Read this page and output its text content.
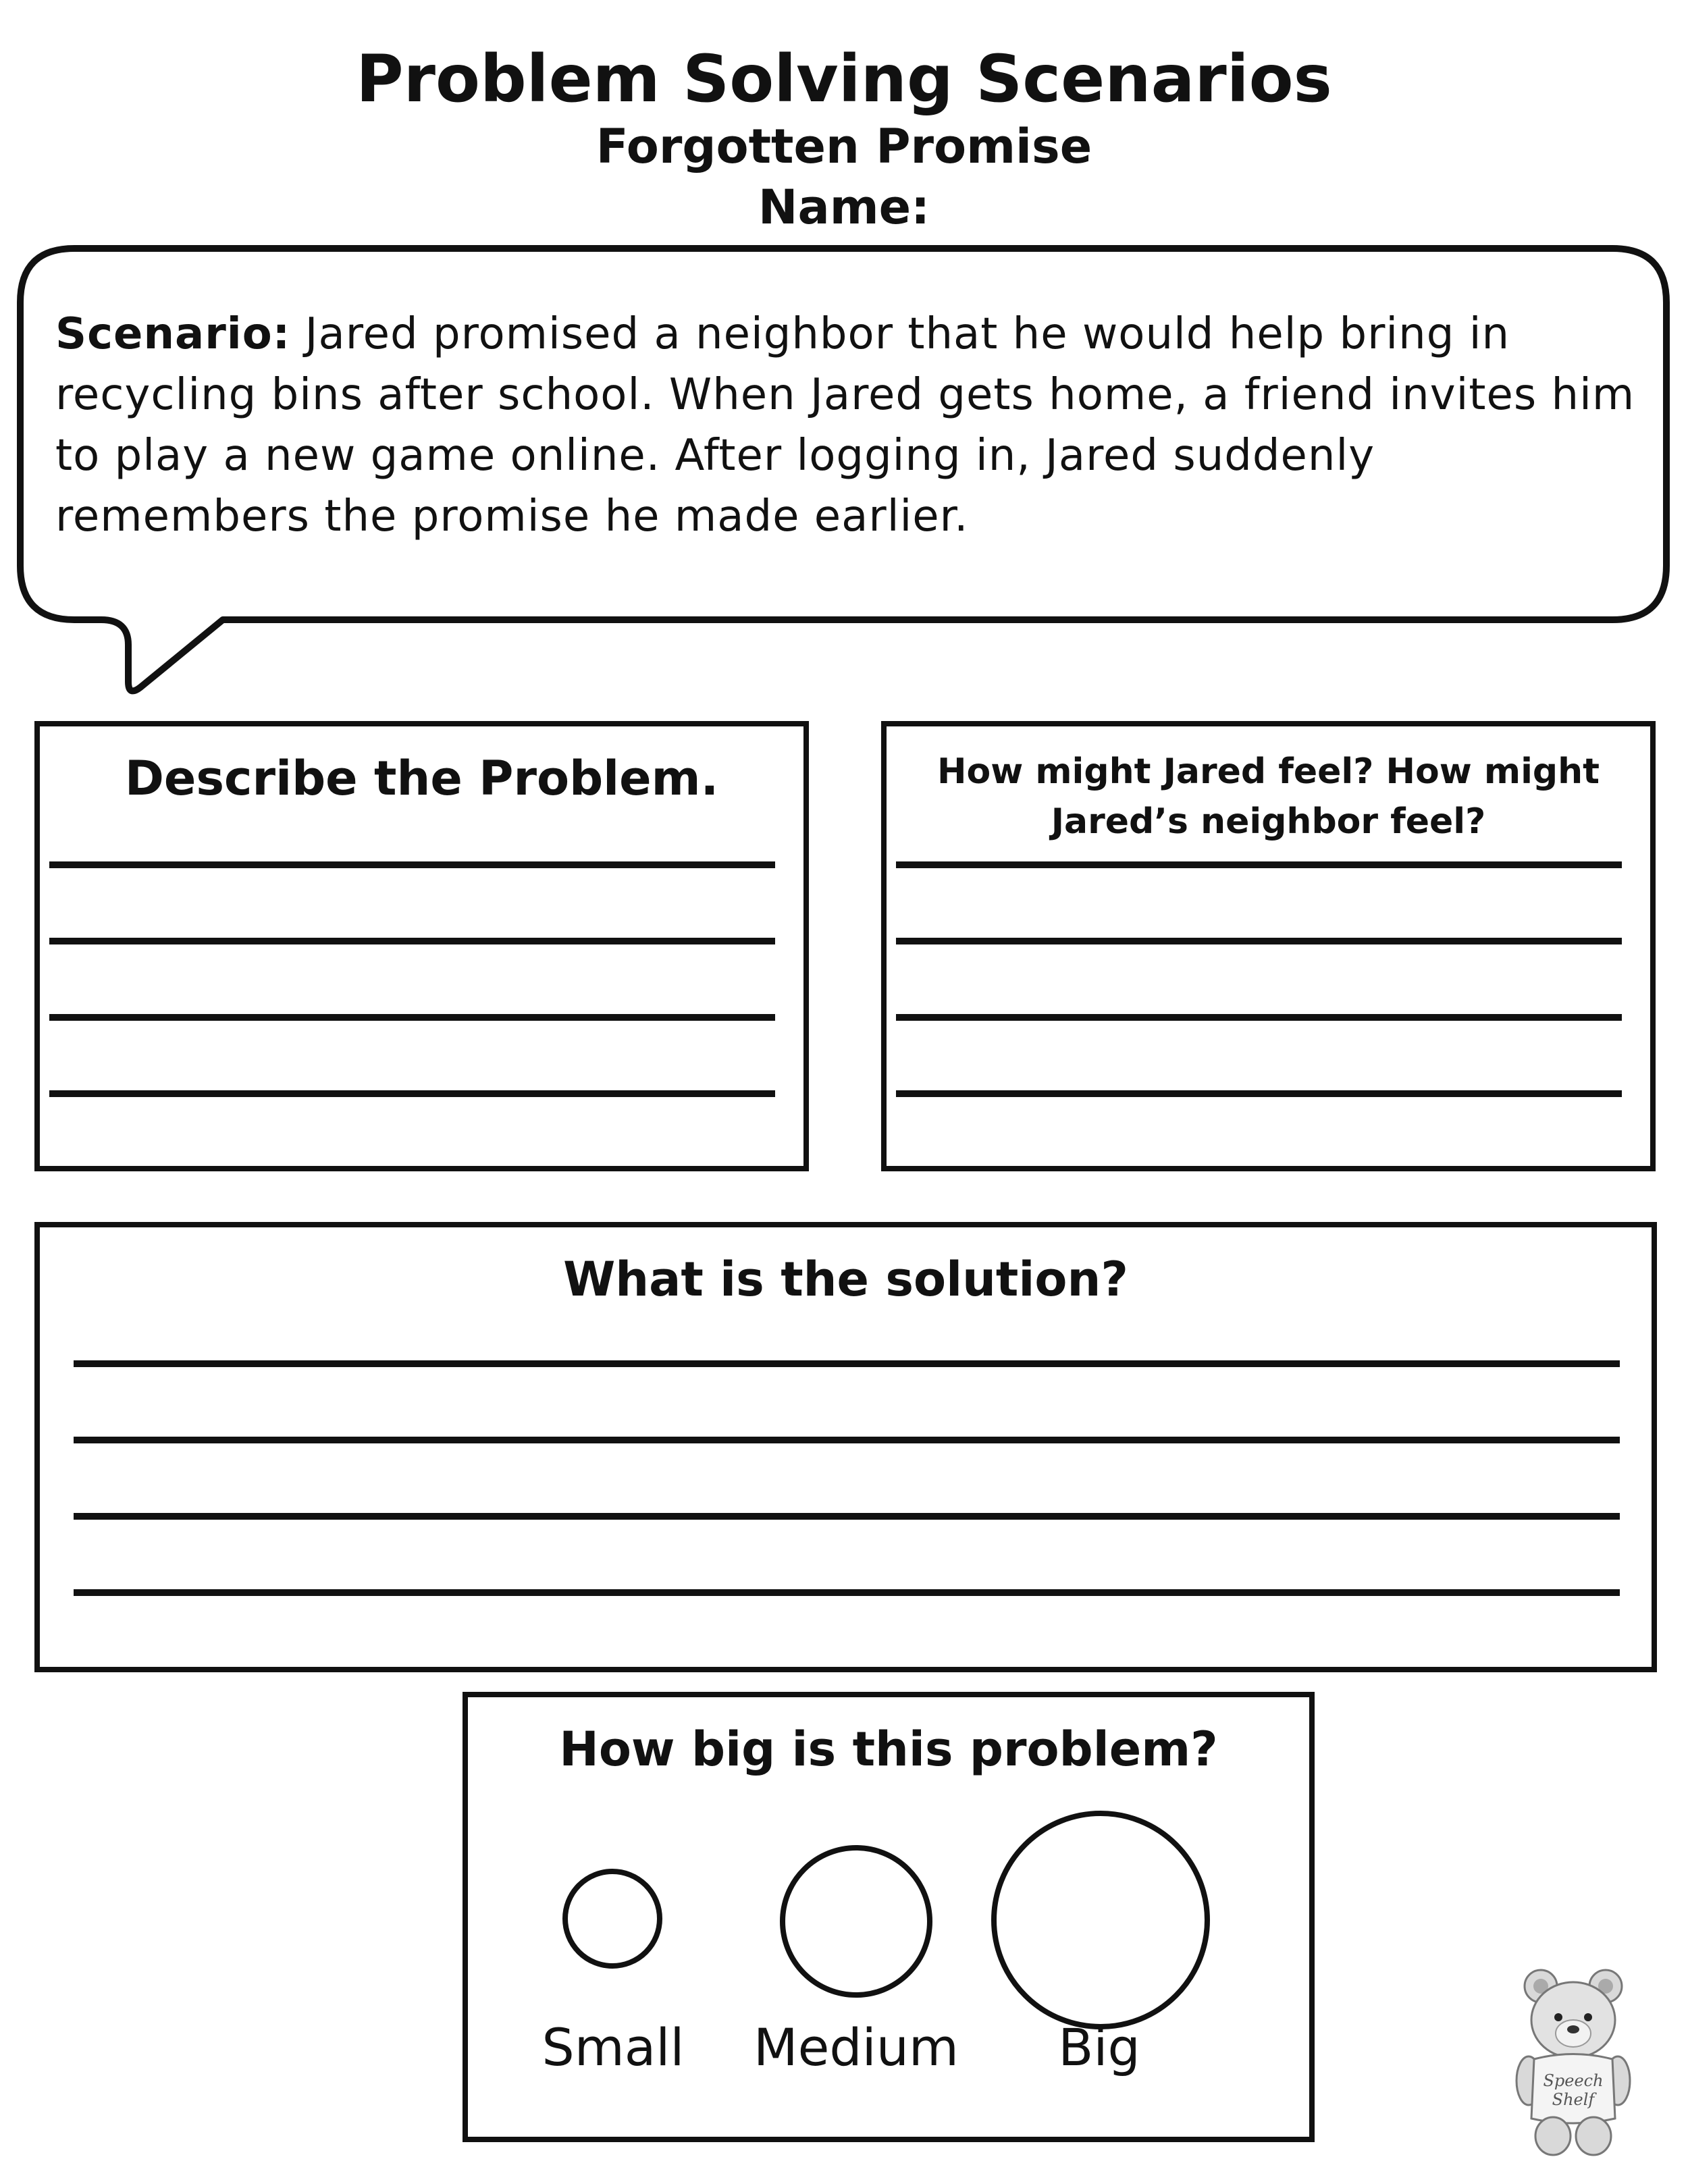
Problem Solving Scenarios
Forgotten Promise
Name:
Scenario: Jared promised a neighbor that he would help bring in recycling bins after school. When Jared gets home, a friend invites him to play a new game online. After logging in, Jared suddenly remembers the promise he made earlier.
Describe the Problem.	How might Jared feel? How might Jared’s neighbor feel?
What is the solution?
How big is this problem?
Small Medium	Big
Speech
Shelf
